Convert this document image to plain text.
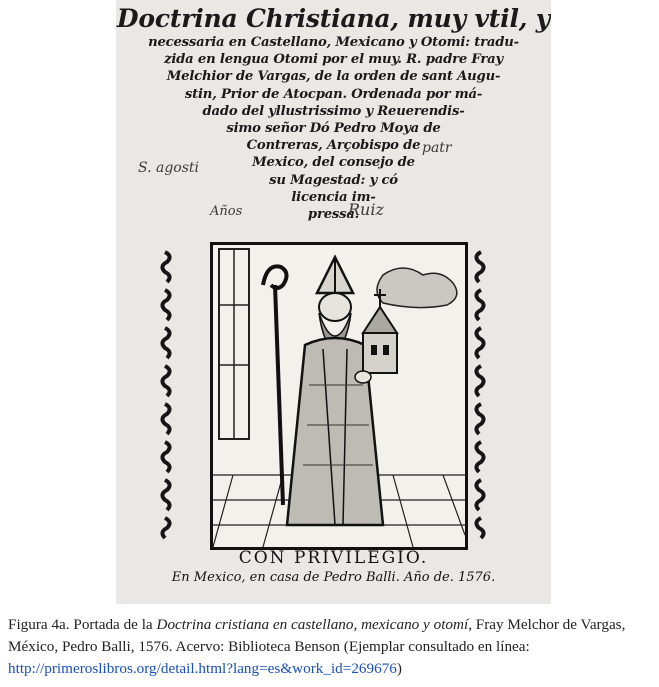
Doctrina Christiana, muy vtil, y
necessaria en Castellano, Mexicano y Otomi: tradu-
zida en lengua Otomi por el muy. R. padre Fray
Melchior de Vargas, de la orden de sant Augu-
stin, Prior de Atocpan. Ordenada por má-
dado del yllustrissimo y Reuerendis-
simo señor Dó Pedro Moya de
Contreras, Arçobispo de
Mexico, del consejo de
su Magestad: y có
licencia im-
pressa.
S. agosti
patr
Años	Ruiz
CON PRIVILEGIO.
En Mexico, en casa de Pedro Balli. Año de. 1576.
Figura 4a. Portada de la Doctrina cristiana en castellano, mexicano y otomí, Fray Melchor de Vargas, México, Pedro Balli, 1576. Acervo: Biblioteca Benson (Ejemplar consultado en línea: http://primeroslibros.org/detail.html?lang=es&work_id=269676)
